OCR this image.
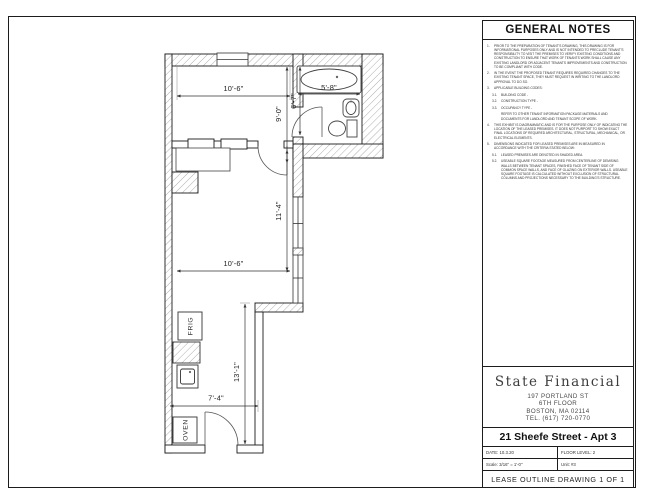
10'-6"	5'-8"
9'-0"
6'-7"
11'-4"
10'-6"
13'-1"
7'-4"
FRIG
OVEN
GENERAL NOTES
1.	PRIOR TO THE PREPARATION OF TENANT'S DRAWING, THIS DRAWING IS FOR INFORMATIONAL PURPOSES ONLY AND IS NOT INTENDED TO PRECLUDE TENANT'S RESPONSIBILITY TO VISIT THE PREMISES TO VERIFY EXISTING CONDITIONS AND CONSTRUCTION TO ENSURE THAT WORK OF TENANTS WORK SHALL CAUSE ANY EXISTING LANDLORD OR ADJACENT TENANTS IMPROVEMENTS AND CONSTRUCTION TO BE COMPLIANT WITH CODE.
2.	IN THE EVENT THE PROPOSED TENANT REQUIRES REQUIRED CHANGES TO THE EXISTING TENANT SPACE, THEY MUST REQUEST IN WRITING TO THE LANDLORD APPROVAL TO DO SO.
3.	APPLICABLE BUILDING CODES:
3.1.	BUILDING CODE -
3.2.	CONSTRUCTION TYPE -
3.3.	OCCUPANCY TYPE -
REFER TO OTHER TENANT INFORMATION PACKAGE MATERIALS AND DOCUMENTS FOR LANDLORD AND TENANT SCOPE OF WORK.
4.	THIS EXHIBIT IS DIAGRAMMATIC AND IS FOR THE PURPOSE ONLY OF INDICATING THE LOCATION OF THE LEASED PREMISES. IT DOES NOT PURPORT TO SHOW EXACT FINAL LOCATIONS OF REQUIRED ARCHITECTURAL, STRUCTURAL, MECHANICAL, OR ELECTRICAL ELEMENTS.
5.	DIMENSIONS INDICATED FOR LEASED PREMISES ARE IN MEASURED IN ACCORDANCE WITH THE CRITERIA STATED BELOW:
5.1.	LEASED PREMISES ARE DENOTED IN SHADED AREA.
5.2.	USEABLE SQUARE FOOTAGE MEASURED FROM CENTERLINE OF DEMISING WALLS BETWEEN TENANT SPACES, FINISHED FACE OF TENANT SIDE OF COMMON SPACE WALLS, AND FACE OF GLAZING ON EXTERIOR WALLS. USEABLE SQUARE FOOTAGE IS CALCULATED WITHOUT EXCLUSION OF STRUCTURAL COLUMNS AND PROJECTIONS NECESSARY TO THE BUILDING'S STRUCTURE.
State Financial
197 PORTLAND ST
6TH FLOOR
BOSTON, MA 02114
TEL. (617) 720-0770
21 Sheefe Street - Apt 3
DATE: 10.3.20	FLOOR LEVEL: 2
Scale: 3/16" = 1'-0"	Unit: #3
LEASE OUTLINE DRAWING 1 OF 1
